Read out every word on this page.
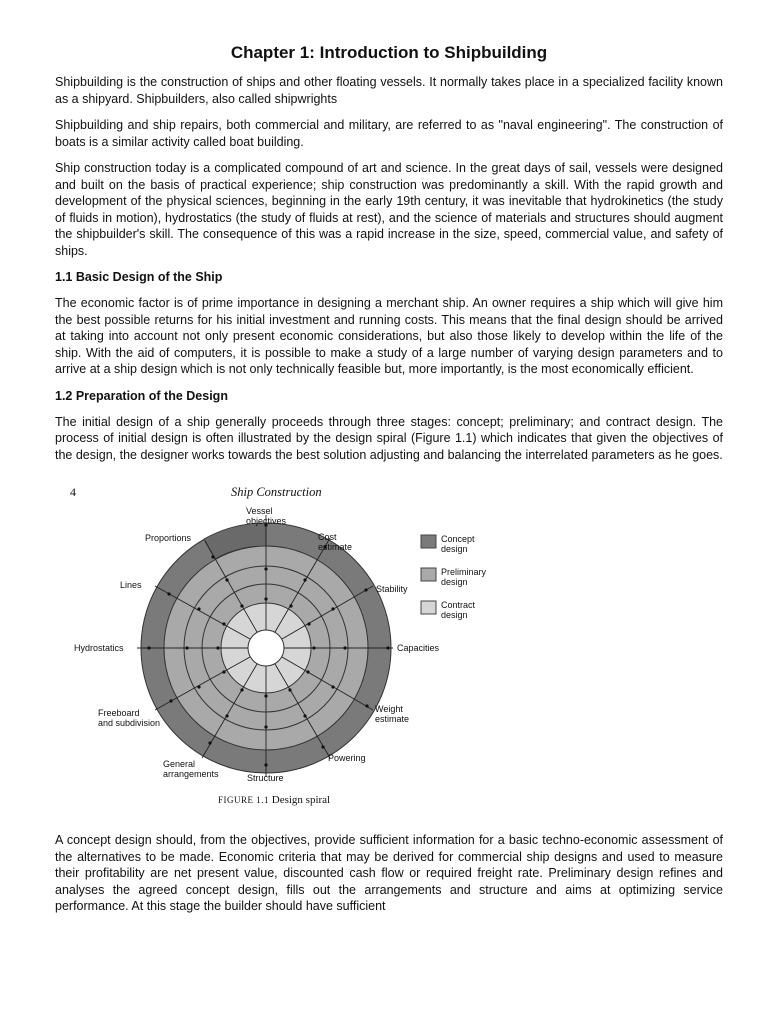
Chapter 1: Introduction to Shipbuilding

Shipbuilding is the construction of ships and other floating vessels. It normally takes place in a specialized facility known as a shipyard. Shipbuilders, also called shipwrights

Shipbuilding and ship repairs, both commercial and military, are referred to as "naval engineering". The construction of boats is a similar activity called boat building.

Ship construction today is a complicated compound of art and science. In the great days of sail, vessels were designed and built on the basis of practical experience; ship construction was predominantly a skill. With the rapid growth and development of the physical sciences, beginning in the early 19th century, it was inevitable that hydrokinetics (the study of fluids in motion), hydrostatics (the study of fluids at rest), and the science of materials and structures should augment the shipbuilder's skill. The consequence of this was a rapid increase in the size, speed, commercial value, and safety of ships.

1.1 Basic Design of the Ship

The economic factor is of prime importance in designing a merchant ship. An owner requires a ship which will give him the best possible returns for his initial investment and running costs. This means that the final design should be arrived at taking into account not only present economic considerations, but also those likely to develop within the life of the ship. With the aid of computers, it is possible to make a study of a large number of varying design parameters and to arrive at a ship design which is not only technically feasible but, more importantly, is the most economically efficient.

1.2 Preparation of the Design

The initial design of a ship generally proceeds through three stages: concept; preliminary; and contract design. The process of initial design is often illustrated by the design spiral (Figure 1.1) which indicates that given the objectives of the design, the designer works towards the best solution adjusting and balancing the interrelated parameters as he goes.

4	Ship Construction
Vessel
objectives
Cost
estimate
Stability
Capacities
Weight
estimate
Powering
Structure
General
arrangements
Freeboard
and subdivision
Hydrostatics
Lines
Proportions	Concept
design
Preliminary
design
Contract
design
FIGURE 1.1 Design spiral

A concept design should, from the objectives, provide sufficient information for a basic techno-economic assessment of the alternatives to be made. Economic criteria that may be derived for commercial ship designs and used to measure their profitability are net present value, discounted cash flow or required freight rate. Preliminary design refines and analyses the agreed concept design, fills out the arrangements and structure and aims at optimizing service performance. At this stage the builder should have sufficient
